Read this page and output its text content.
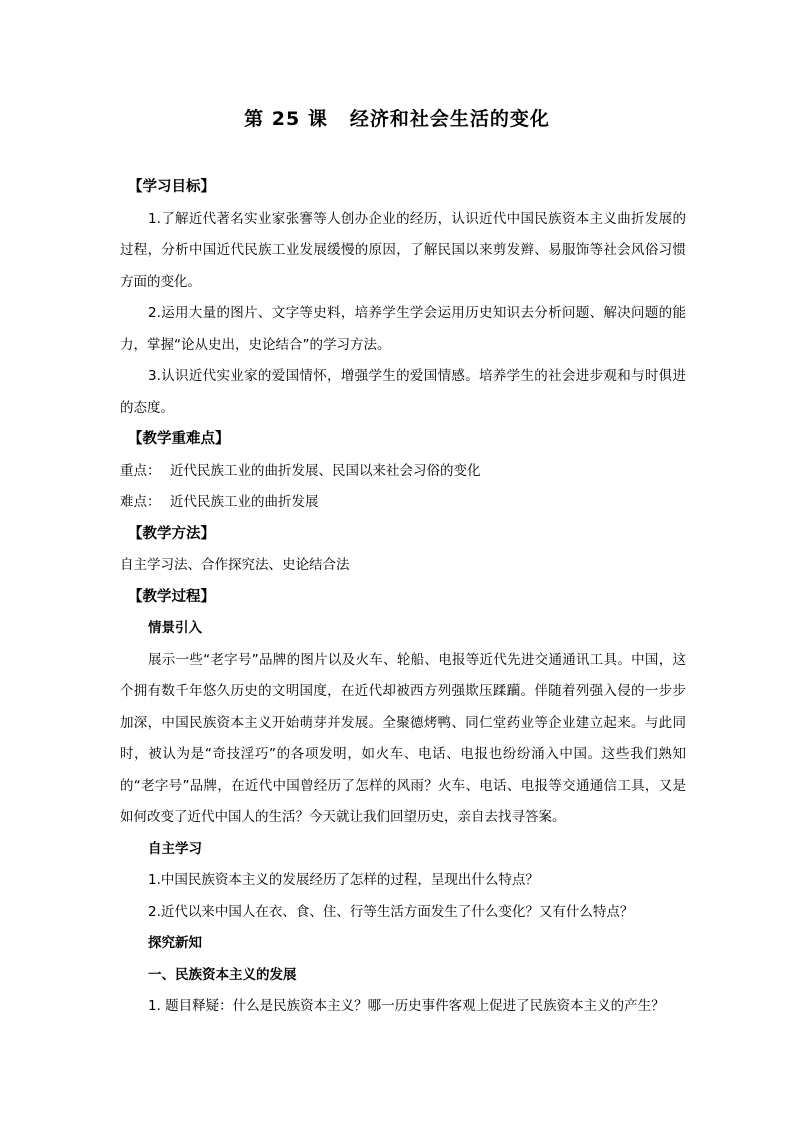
第 25 课 经济和社会生活的变化
【学习目标】
1.了解近代著名实业家张謇等人创办企业的经历，认识近代中国民族资本主义曲折发展的过程，分析中国近代民族工业发展缓慢的原因，了解民国以来剪发辫、易服饰等社会风俗习惯方面的变化。
2.运用大量的图片、文字等史料，培养学生学会运用历史知识去分析问题、解决问题的能力，掌握“论从史出，史论结合”的学习方法。
3.认识近代实业家的爱国情怀，增强学生的爱国情感。培养学生的社会进步观和与时俱进的态度。
【教学重难点】
重点： 近代民族工业的曲折发展、民国以来社会习俗的变化
难点： 近代民族工业的曲折发展
【教学方法】
自主学习法、合作探究法、史论结合法
【教学过程】
情景引入
展示一些“老字号”品牌的图片以及火车、轮船、电报等近代先进交通通讯工具。中国，这个拥有数千年悠久历史的文明国度，在近代却被西方列强欺压蹂躏。伴随着列强入侵的一步步加深，中国民族资本主义开始萌芽并发展。全聚德烤鸭、同仁堂药业等企业建立起来。与此同时，被认为是“奇技淫巧”的各项发明，如火车、电话、电报也纷纷涌入中国。这些我们熟知的“老字号”品牌，在近代中国曾经历了怎样的风雨？火车、电话、电报等交通通信工具，又是如何改变了近代中国人的生活？今天就让我们回望历史，亲自去找寻答案。
自主学习
1.中国民族资本主义的发展经历了怎样的过程，呈现出什么特点？
2.近代以来中国人在衣、食、住、行等生活方面发生了什么变化？又有什么特点？
探究新知
一、民族资本主义的发展
1. 题目释疑：什么是民族资本主义？哪一历史事件客观上促进了民族资本主义的产生？
